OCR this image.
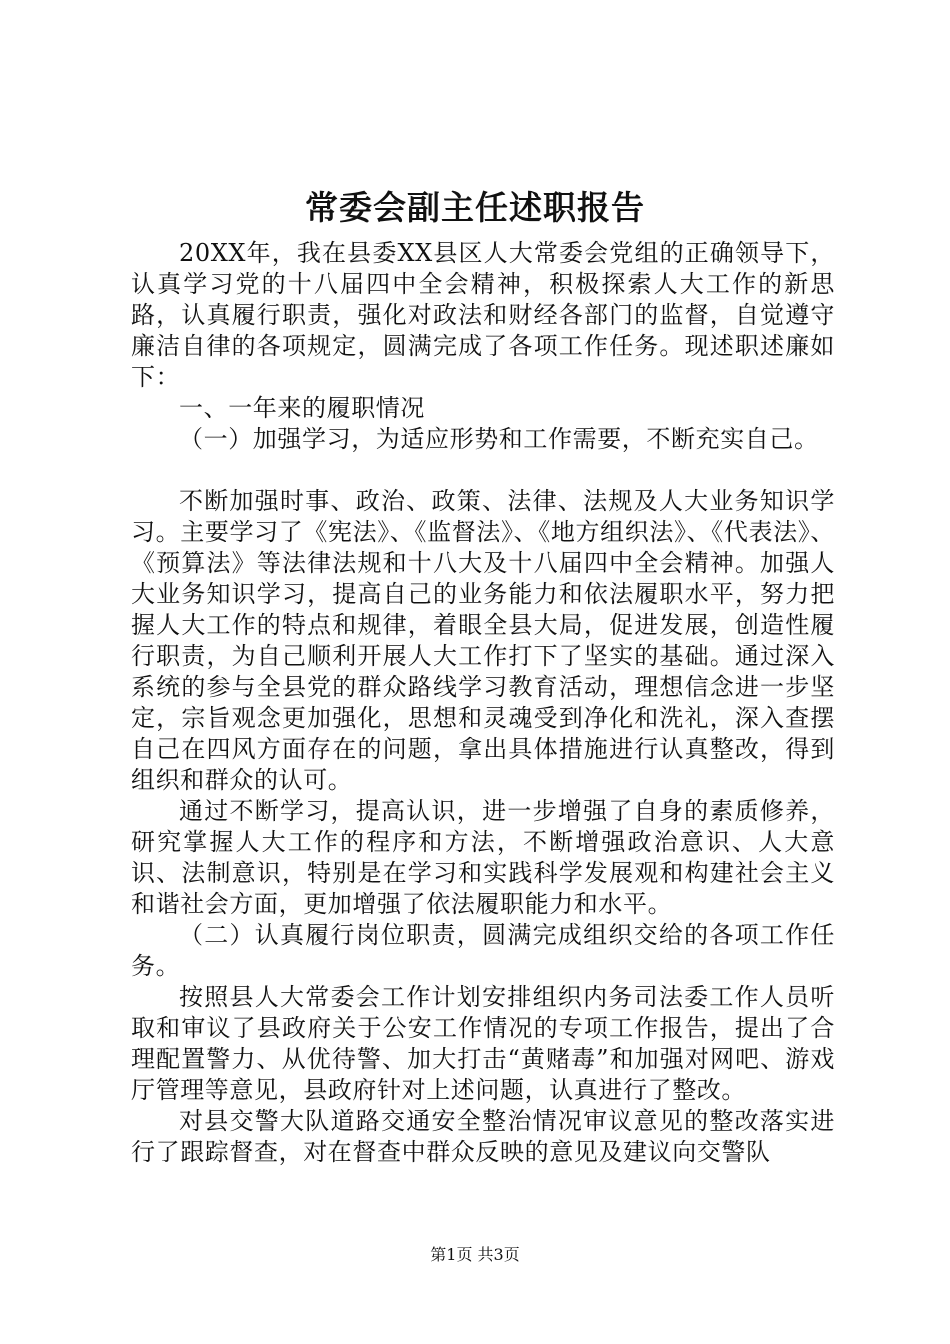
常委会副主任述职报告

20XX年，我在县委XX县区人大常委会党组的正确领导下，认真学习党的十八届四中全会精神，积极探索人大工作的新思路，认真履行职责，强化对政法和财经各部门的监督，自觉遵守廉洁自律的各项规定，圆满完成了各项工作任务。现述职述廉如下：

一、一年来的履职情况

（一）加强学习，为适应形势和工作需要，不断充实自己。

不断加强时事、政治、政策、法律、法规及人大业务知识学习。主要学习了《宪法》、《监督法》、《地方组织法》、《代表法》、《预算法》等法律法规和十八大及十八届四中全会精神。加强人大业务知识学习，提高自己的业务能力和依法履职水平，努力把握人大工作的特点和规律，着眼全县大局，促进发展，创造性履行职责，为自己顺利开展人大工作打下了坚实的基础。通过深入系统的参与全县党的群众路线学习教育活动，理想信念进一步坚定，宗旨观念更加强化，思想和灵魂受到净化和洗礼，深入查摆自己在四风方面存在的问题，拿出具体措施进行认真整改，得到组织和群众的认可。

通过不断学习，提高认识，进一步增强了自身的素质修养，研究掌握人大工作的程序和方法，不断增强政治意识、人大意识、法制意识，特别是在学习和实践科学发展观和构建社会主义和谐社会方面，更加增强了依法履职能力和水平。

（二）认真履行岗位职责，圆满完成组织交给的各项工作任务。

按照县人大常委会工作计划安排组织内务司法委工作人员听取和审议了县政府关于公安工作情况的专项工作报告，提出了合理配置警力、从优待警、加大打击“黄赌毒”和加强对网吧、游戏厅管理等意见，县政府针对上述问题，认真进行了整改。

对县交警大队道路交通安全整治情况审议意见的整改落实进行了跟踪督查，对在督查中群众反映的意见及建议向交警队

第1页 共3页
